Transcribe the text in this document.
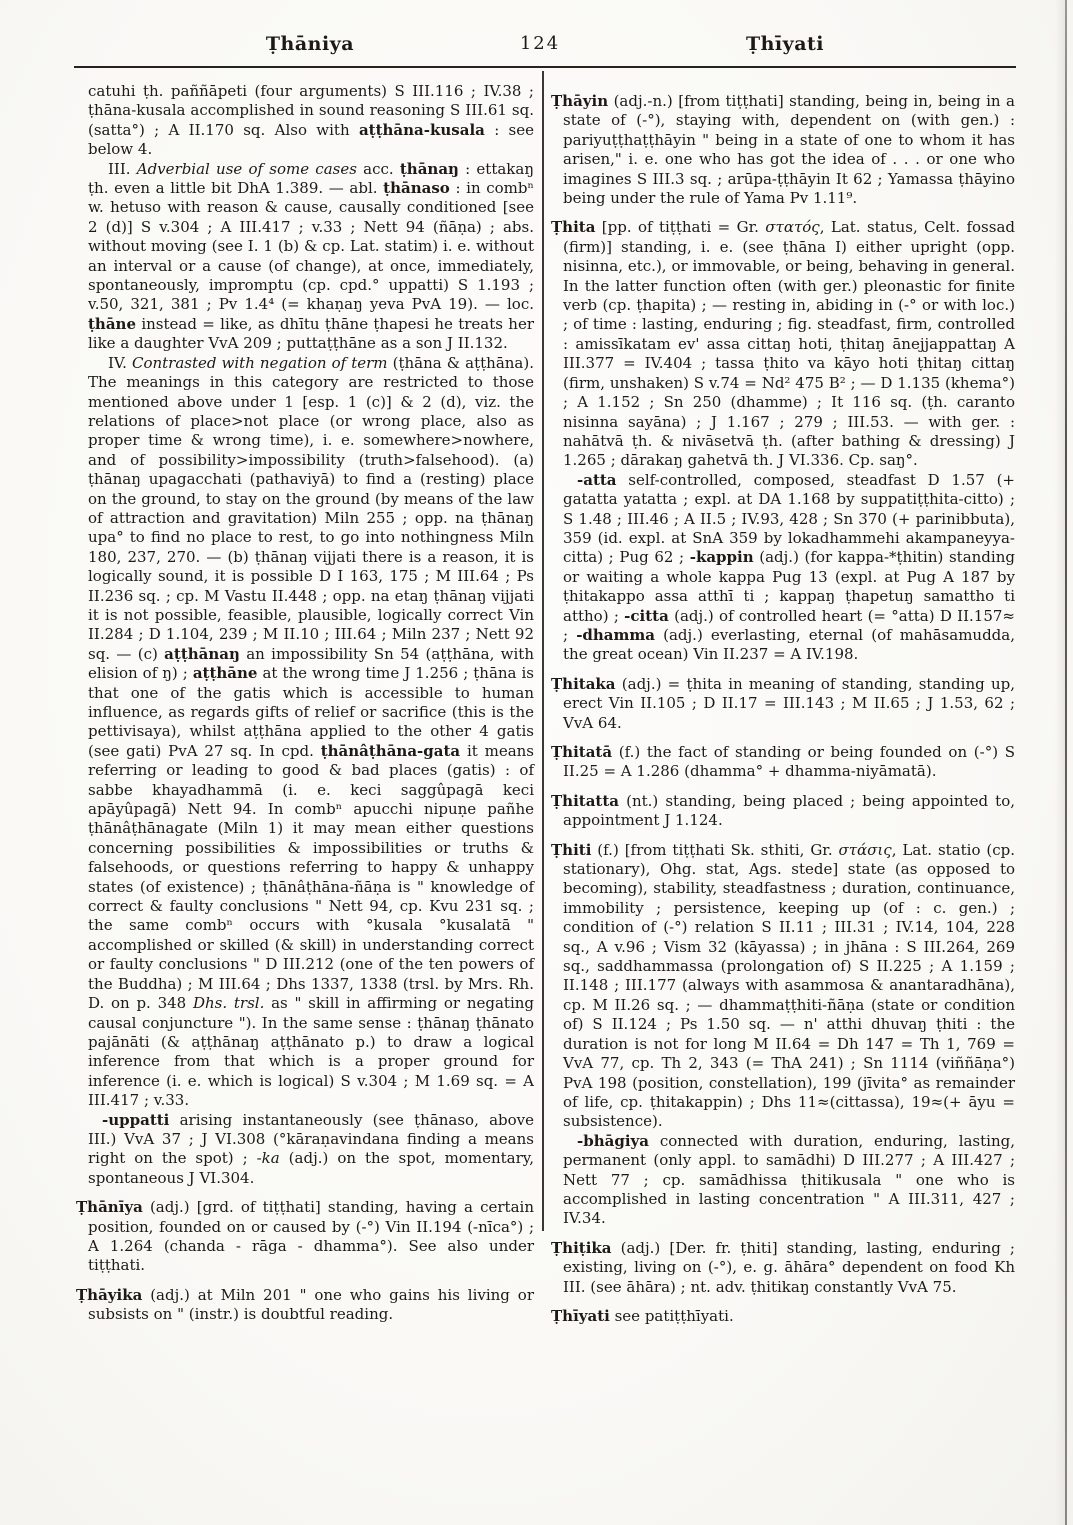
Ṭhāniya	124	Ṭhīyati
catuhi ṭh. paññāpeti (four arguments) S III.116 ; IV.38 ; ṭhāna-kusala accomplished in sound reasoning S III.61 sq. (satta°) ; A II.170 sq. Also with aṭṭhāna-kusala : see below 4.
III. Adverbial use of some cases acc. ṭhānaŋ : ettakaŋ ṭh. even a little bit DhA 1.389. — abl. ṭhānaso : in combⁿ w. hetuso with reason & cause, causally conditioned [see 2 (d)] S v.304 ; A III.417 ; v.33 ; Nett 94 (ñāṇa) ; abs. without moving (see I. 1 (b) & cp. Lat. statim) i. e. without an interval or a cause (of change), at once, immediately, spontaneously, impromptu (cp. cpd.° uppatti) S 1.193 ; v.50, 321, 381 ; Pv 1.4⁴ (= khaṇaŋ yeva PvA 19). — loc. ṭhāne instead = like, as dhītu ṭhāne ṭhapesi he treats her like a daughter VvA 209 ; puttaṭṭhāne as a son J II.132.
IV. Contrasted with negation of term (ṭhāna & aṭṭhāna). The meanings in this category are restricted to those mentioned above under 1 [esp. 1 (c)] & 2 (d), viz. the relations of place>not place (or wrong place, also as proper time & wrong time), i. e. somewhere>nowhere, and of possibility>impossibility (truth>falsehood). (a) ṭhānaŋ upagacchati (pathaviyā) to find a (resting) place on the ground, to stay on the ground (by means of the law of attraction and gravitation) Miln 255 ; opp. na ṭhānaŋ upa° to find no place to rest, to go into nothingness Miln 180, 237, 270. — (b) ṭhānaŋ vijjati there is a reason, it is logically sound, it is possible D I 163, 175 ; M III.64 ; Ps II.236 sq. ; cp. M Vastu II.448 ; opp. na etaŋ ṭhānaŋ vijjati it is not possible, feasible, plausible, logically correct Vin II.284 ; D 1.104, 239 ; M II.10 ; III.64 ; Miln 237 ; Nett 92 sq. — (c) aṭṭhānaŋ an impossibility Sn 54 (aṭṭhāna, with elision of ŋ) ; aṭṭhāne at the wrong time J 1.256 ; ṭhāna is that one of the gatis which is accessible to human influence, as regards gifts of relief or sacrifice (this is the pettivisaya), whilst aṭṭhāna applied to the other 4 gatis (see gati) PvA 27 sq. In cpd. ṭhānâṭhāna-gata it means referring or leading to good & bad places (gatis) : of sabbe khayadhammā (i. e. keci saggûpagā keci apāyûpagā) Nett 94. In combⁿ apucchi nipuṇe pañhe ṭhānâṭhānagate (Miln 1) it may mean either questions concerning possibilities & impossibilities or truths & falsehoods, or questions referring to happy & unhappy states (of existence) ; ṭhānâṭhāna-ñāṇa is " knowledge of correct & faulty conclusions " Nett 94, cp. Kvu 231 sq. ; the same combⁿ occurs with °kusala °kusalatā " accomplished or skilled (& skill) in understanding correct or faulty conclusions " D III.212 (one of the ten powers of the Buddha) ; M III.64 ; Dhs 1337, 1338 (trsl. by Mrs. Rh. D. on p. 348 Dhs. trsl. as " skill in affirming or negating causal conjuncture "). In the same sense : ṭhānaŋ ṭhānato pajānāti (& aṭṭhānaŋ aṭṭhānato p.) to draw a logical inference from that which is a proper ground for inference (i. e. which is logical) S v.304 ; M 1.69 sq. = A III.417 ; v.33.
-uppatti arising instantaneously (see ṭhānaso, above III.) VvA 37 ; J VI.308 (°kāraṇavindana finding a means right on the spot) ; -ka (adj.) on the spot, momentary, spontaneous J VI.304.
Ṭhānīya (adj.) [grd. of tiṭṭhati] standing, having a certain position, founded on or caused by (-°) Vin II.194 (-nīca°) ; A 1.264 (chanda - rāga - dhamma°). See also under tiṭṭhati.
Ṭhāyika (adj.) at Miln 201 " one who gains his living or subsists on " (instr.) is doubtful reading.
Ṭhāyin (adj.-n.) [from tiṭṭhati] standing, being in, being in a state of (-°), staying with, dependent on (with gen.) : pariyuṭṭhaṭṭhāyin " being in a state of one to whom it has arisen," i. e. one who has got the idea of . . . or one who imagines S III.3 sq. ; arūpa-ṭṭhāyin It 62 ; Yamassa ṭhāyino being under the rule of Yama Pv 1.11⁹.
Ṭhita [pp. of tiṭṭhati = Gr. στατός, Lat. status, Celt. fossad (firm)] standing, i. e. (see ṭhāna I) either upright (opp. nisinna, etc.), or immovable, or being, behaving in general. In the latter function often (with ger.) pleonastic for finite verb (cp. ṭhapita) ; — resting in, abiding in (-° or with loc.) ; of time : lasting, enduring ; fig. steadfast, firm, controlled : amissīkatam ev' assa cittaŋ hoti, ṭhitaŋ ānejjappattaŋ A III.377 = IV.404 ; tassa ṭhito va kāyo hoti ṭhitaŋ cittaŋ (firm, unshaken) S v.74 = Nd² 475 B² ; — D 1.135 (khema°) ; A 1.152 ; Sn 250 (dhamme) ; It 116 sq. (ṭh. caranto nisinna sayāna) ; J 1.167 ; 279 ; III.53. — with ger. : nahātvā ṭh. & nivāsetvā ṭh. (after bathing & dressing) J 1.265 ; dārakaŋ gahetvā th. J VI.336. Cp. saŋ°.
-atta self-controlled, composed, steadfast D 1.57 (+ gatatta yatatta ; expl. at DA 1.168 by suppatiṭṭhita-citto) ; S 1.48 ; III.46 ; A II.5 ; IV.93, 428 ; Sn 370 (+ parinibbuta), 359 (id. expl. at SnA 359 by lokadhammehi akampaneyya-citta) ; Pug 62 ; -kappin (adj.) (for kappa-*ṭhitin) standing or waiting a whole kappa Pug 13 (expl. at Pug A 187 by ṭhitakappo assa atthī ti ; kappaŋ ṭhapetuŋ samattho ti attho) ; -citta (adj.) of controlled heart (= °atta) D II.157≈ ; -dhamma (adj.) everlasting, eternal (of mahāsamudda, the great ocean) Vin II.237 = A IV.198.
Ṭhitaka (adj.) = ṭhita in meaning of standing, standing up, erect Vin II.105 ; D II.17 = III.143 ; M II.65 ; J 1.53, 62 ; VvA 64.
Ṭhitatā (f.) the fact of standing or being founded on (-°) S II.25 = A 1.286 (dhamma° + dhamma-niyāmatā).
Ṭhitatta (nt.) standing, being placed ; being appointed to, appointment J 1.124.
Ṭhiti (f.) [from tiṭṭhati Sk. sthiti, Gr. στάσις, Lat. statio (cp. stationary), Ohg. stat, Ags. stede] state (as opposed to becoming), stability, steadfastness ; duration, continuance, immobility ; persistence, keeping up (of : c. gen.) ; condition of (-°) relation S II.11 ; III.31 ; IV.14, 104, 228 sq., A v.96 ; Vism 32 (kāyassa) ; in jhāna : S III.264, 269 sq., saddhammassa (prolongation of) S II.225 ; A 1.159 ; II.148 ; III.177 (always with asammosa & anantaradhāna), cp. M II.26 sq. ; — dhammaṭṭhiti-ñāṇa (state or condition of) S II.124 ; Ps 1.50 sq. — n' atthi dhuvaŋ ṭhiti : the duration is not for long M II.64 = Dh 147 = Th 1, 769 = VvA 77, cp. Th 2, 343 (= ThA 241) ; Sn 1114 (viññāṇa°) PvA 198 (position, constellation), 199 (jīvita° as remainder of life, cp. ṭhitakappin) ; Dhs 11≈(cittassa), 19≈(+ āyu = subsistence).
-bhāgiya connected with duration, enduring, lasting, permanent (only appl. to samādhi) D III.277 ; A III.427 ; Nett 77 ; cp. samādhissa ṭhitikusala " one who is accomplished in lasting concentration " A III.311, 427 ; IV.34.
Ṭhiṭika (adj.) [Der. fr. ṭhiti] standing, lasting, enduring ; existing, living on (-°), e. g. āhāra° dependent on food Kh III. (see āhāra) ; nt. adv. ṭhitikaŋ constantly VvA 75.
Ṭhīyati see patiṭṭhīyati.
